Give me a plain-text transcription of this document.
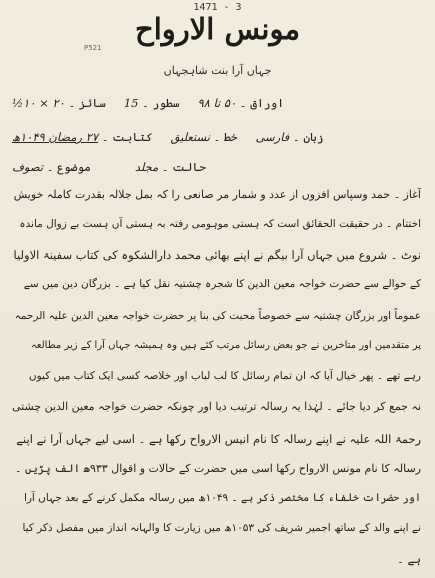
1471 - 3
P521
مونس الارواح
جہاں آرا بنت شاہجہاں
سائز ۔ ۲۰ × ۱۰½	سطور ۔ 15	اوراق ۔ ۵۰ تا ۹۸
کتابت ۔ ۲۷ رمضان ۱۰۴۹ھ	خط ۔ نستعلیق	زبان ۔ فارسی
موضوع ۔ تصوف	حالت ۔ مجلد
آغاز ۔ حمد وسپاس افزوں از عدد و شمار مر صانعی را کہ بمل جلالہ بقدرت کاملہ خویش
اختتام ۔ در حقیقت الحقائق است کہ ہستی موہومی رفتہ بہ ہستی آں ہست بے زوال ماندہ
نوٹ ۔ شروع میں جہاں آرا بیگم نے اپنے بھائی محمد دارالشکوہ کی کتاب سفینۃ الاولیا
کے حوالے سے حضرت خواجہ معین الدین کا شجرہ چشتیہ نقل کیا ہے ۔ بزرگان دین میں سے
عموماً اور بزرگان چشتیہ سے خصوصاً محبت کی بنا پر حضرت خواجہ معین الدین علیہ الرحمہ
پر متقدمین اور متاخرین نے جو بعض رسائل مرتب کئے ہیں وہ ہمیشہ جہاں آرا کے زیر مطالعہ
رہے تھے ۔ پھر خیال آیا کہ ان تمام رسائل کا لب لباب اور خلاصہ کسی ایک کتاب میں کیوں
نہ جمع کر دیا جائے ۔ لہٰذا یہ رسالہ ترتیب دیا اور چونکہ حضرت خواجہ معین الدین چشتی
رحمۃ اللہ علیہ نے اپنے رسالہ کا نام انیس الارواح رکھا ہے ۔ اسی لیے جہاں آرا نے اپنے
رسالہ کا نام مونس الارواح رکھا اسی میں حضرت کے حالات و اقوال ۹۳۳ھ الف پڑیں ۔
اور حضرات خلفاء کا مختصر ذکر ہے ۔ ۱۰۴۹ھ میں رسالہ مکمل کرنے کے بعد جہاں آرا
نے اپنے والد کے ساتھ اجمیر شریف کی ۱۰۵۳ھ میں زیارت کا والہانہ انداز میں مفصل ذکر کیا
ہے ۔
